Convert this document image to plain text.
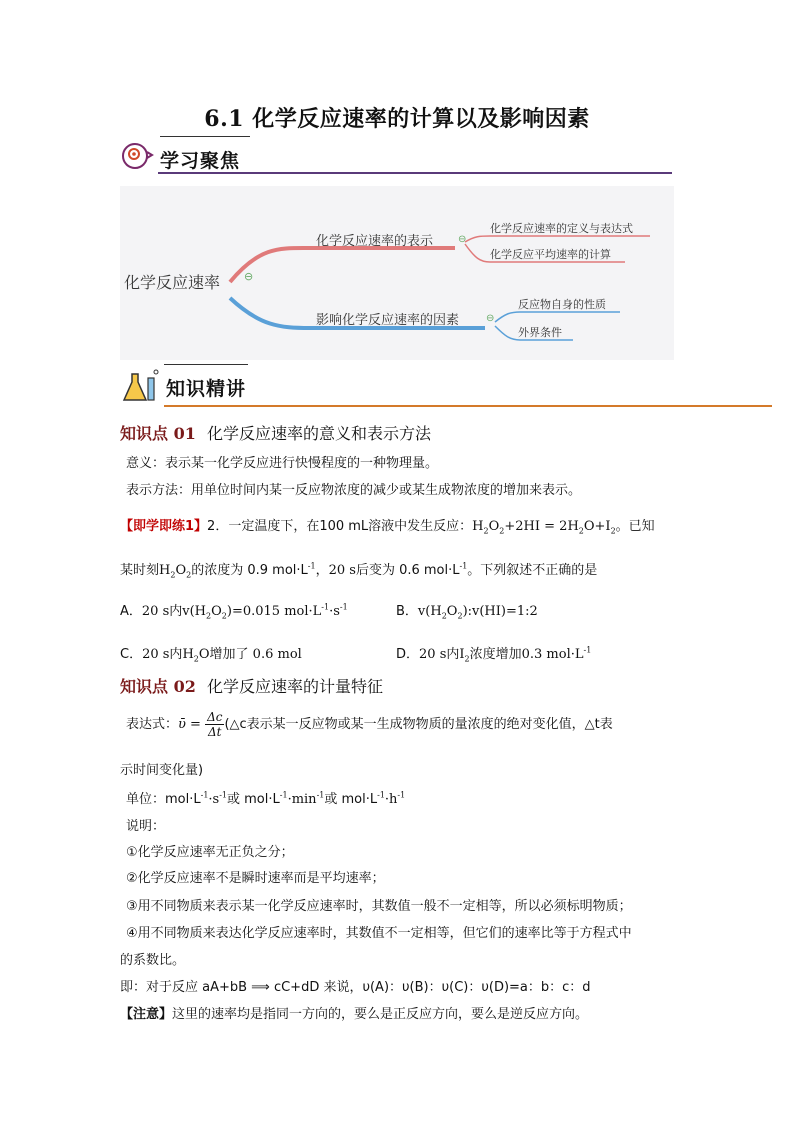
6.1 化学反应速率的计算以及影响因素
学习聚焦
化学反应速率 ⊖
化学反应速率的表示 ⊖
化学反应速率的定义与表达式
化学反应平均速率的计算
影响化学反应速率的因素	⊖
反应物自身的性质
外界条件
知识精讲
知识点 01 化学反应速率的意义和表示方法
意义：表示某一化学反应进行快慢程度的一种物理量。
表示方法：用单位时间内某一反应物浓度的减少或某生成物浓度的增加来表示。
【即学即练1】2．一定温度下，在100 mL溶液中发生反应：$H_2O_2+2HI = 2H_2O+I_2$。已知
某时刻$H_2O_2$的浓度为 0.9 $mol\cdot L^{-1}$，20 s后变为 0.6 $mol\cdot L^{-1}$。下列叙述不正确的是
A．20 s内$v(H_2O_2)=0.015$ $mol\cdot L^{-1}\cdot s^{-1}$	B．$v(H_2O_2):v(HI)=1:2$
C．20 s内$H_2O$增加了 0.6 mol	D．20 s内$I_2$浓度增加0.3 $mol\cdot L^{-1}$
知识点 02 化学反应速率的计量特征
表达式：ῡ = $\frac{\Delta c}{\Delta t}$ (△c表示某一反应物或某一生成物物质的量浓度的绝对变化值，△t表
示时间变化量)
单位：$mol\cdot L^{-1}\cdot s^{-1}$或 $mol\cdot L^{-1}\cdot\min^{-1}$或 $mol\cdot L^{-1}\cdot h^{-1}$
说明：
①化学反应速率无正负之分；
②化学反应速率不是瞬时速率而是平均速率；
③用不同物质来表示某一化学反应速率时，其数值一般不一定相等，所以必须标明物质；
④用不同物质来表达化学反应速率时，其数值不一定相等，但它们的速率比等于方程式中
的系数比。
即：对于反应 aA+bB ⟹ cC+dD 来说，υ(A)：υ(B)：υ(C)：υ(D)=a：b：c：d
【注意】这里的速率均是指同一方向的，要么是正反应方向，要么是逆反应方向。
